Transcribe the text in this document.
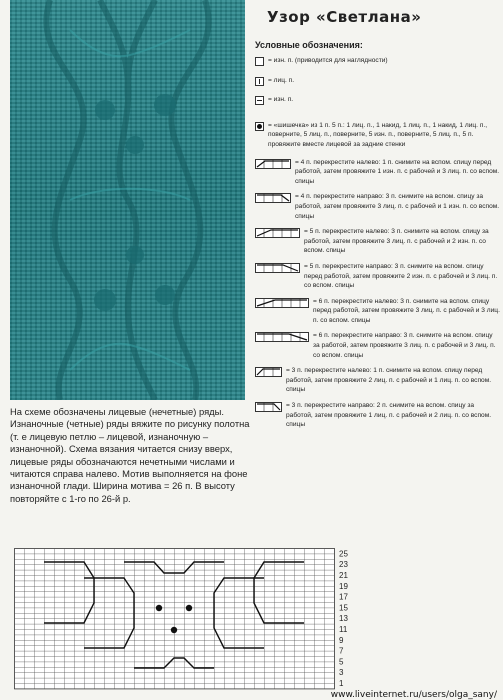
Узор «Светлана»
Условные обозначения:
= изн. п. (приводится для наглядности)
= лиц. п.
= изн. п.
= «шишечка» из 1 п. 5 п.: 1 лиц. п., 1 накид, 1 лиц. п., 1 накид, 1 лиц. п., поверните, 5 лиц. п., поверните, 5 изн. п., поверните, 5 лиц. п., 5 п. провяжите вместе лицевой за задние стенки
= 4 п. перекрестите налево: 1 п. снимите на вспом. спицу перед работой, затем провяжите 1 изн. п. с рабочей и 3 лиц. п. со вспом. спицы
= 4 п. перекрестите направо: 3 п. снимите на вспом. спицу за работой, затем провяжите 3 лиц. п. с рабочей и 1 изн. п. со вспом. спицы
= 5 п. перекрестите налево: 3 п. снимите на вспом. спицу за работой, затем провяжите 3 лиц. п. с рабочей и 2 изн. п. со вспом. спицы
= 5 п. перекрестите направо: 3 п. снимите на вспом. спицу перед работой, затем провяжите 2 изн. п. с рабочей и 3 лиц. п. со вспом. спицы
= 6 п. перекрестите налево: 3 п. снимите на вспом. спицу перед работой, затем провяжите 3 лиц. п. с рабочей и 3 лиц. п. со вспом. спицы
= 6 п. перекрестите направо: 3 п. снимите на вспом. спицу за работой, затем провяжите 3 лиц. п. с рабочей и 3 лиц. п. со вспом. спицы
= 3 п. перекрестите налево: 1 п. снимите на вспом. спицу перед работой, затем провяжите 2 лиц. п. с рабочей и 1 лиц. п. со вспом. спицы
= 3 п. перекрестите направо: 2 п. снимите на вспом. спицу за работой, затем провяжите 1 лиц. п. с рабочей и 2 лиц. п. со вспом. спицы
На схеме обозначены лицевые (нечетные) ряды. Изнаночные (четные) ряды вяжите по рисунку полотна (т. е лицевую петлю – лицевой, изнаночную – изнаночной). Схема вязания читается снизу вверх, лицевые ряды обозначаются нечетными числами и читаются справа налево. Мотив выполняется на фоне изнаночной глади. Ширина мотива = 26 п. В высоту повторяйте с 1-го по 26-й р.
25
23
21
19
17
15
13
11
9
7
5
3
1
www.liveinternet.ru/users/olga_sany/
